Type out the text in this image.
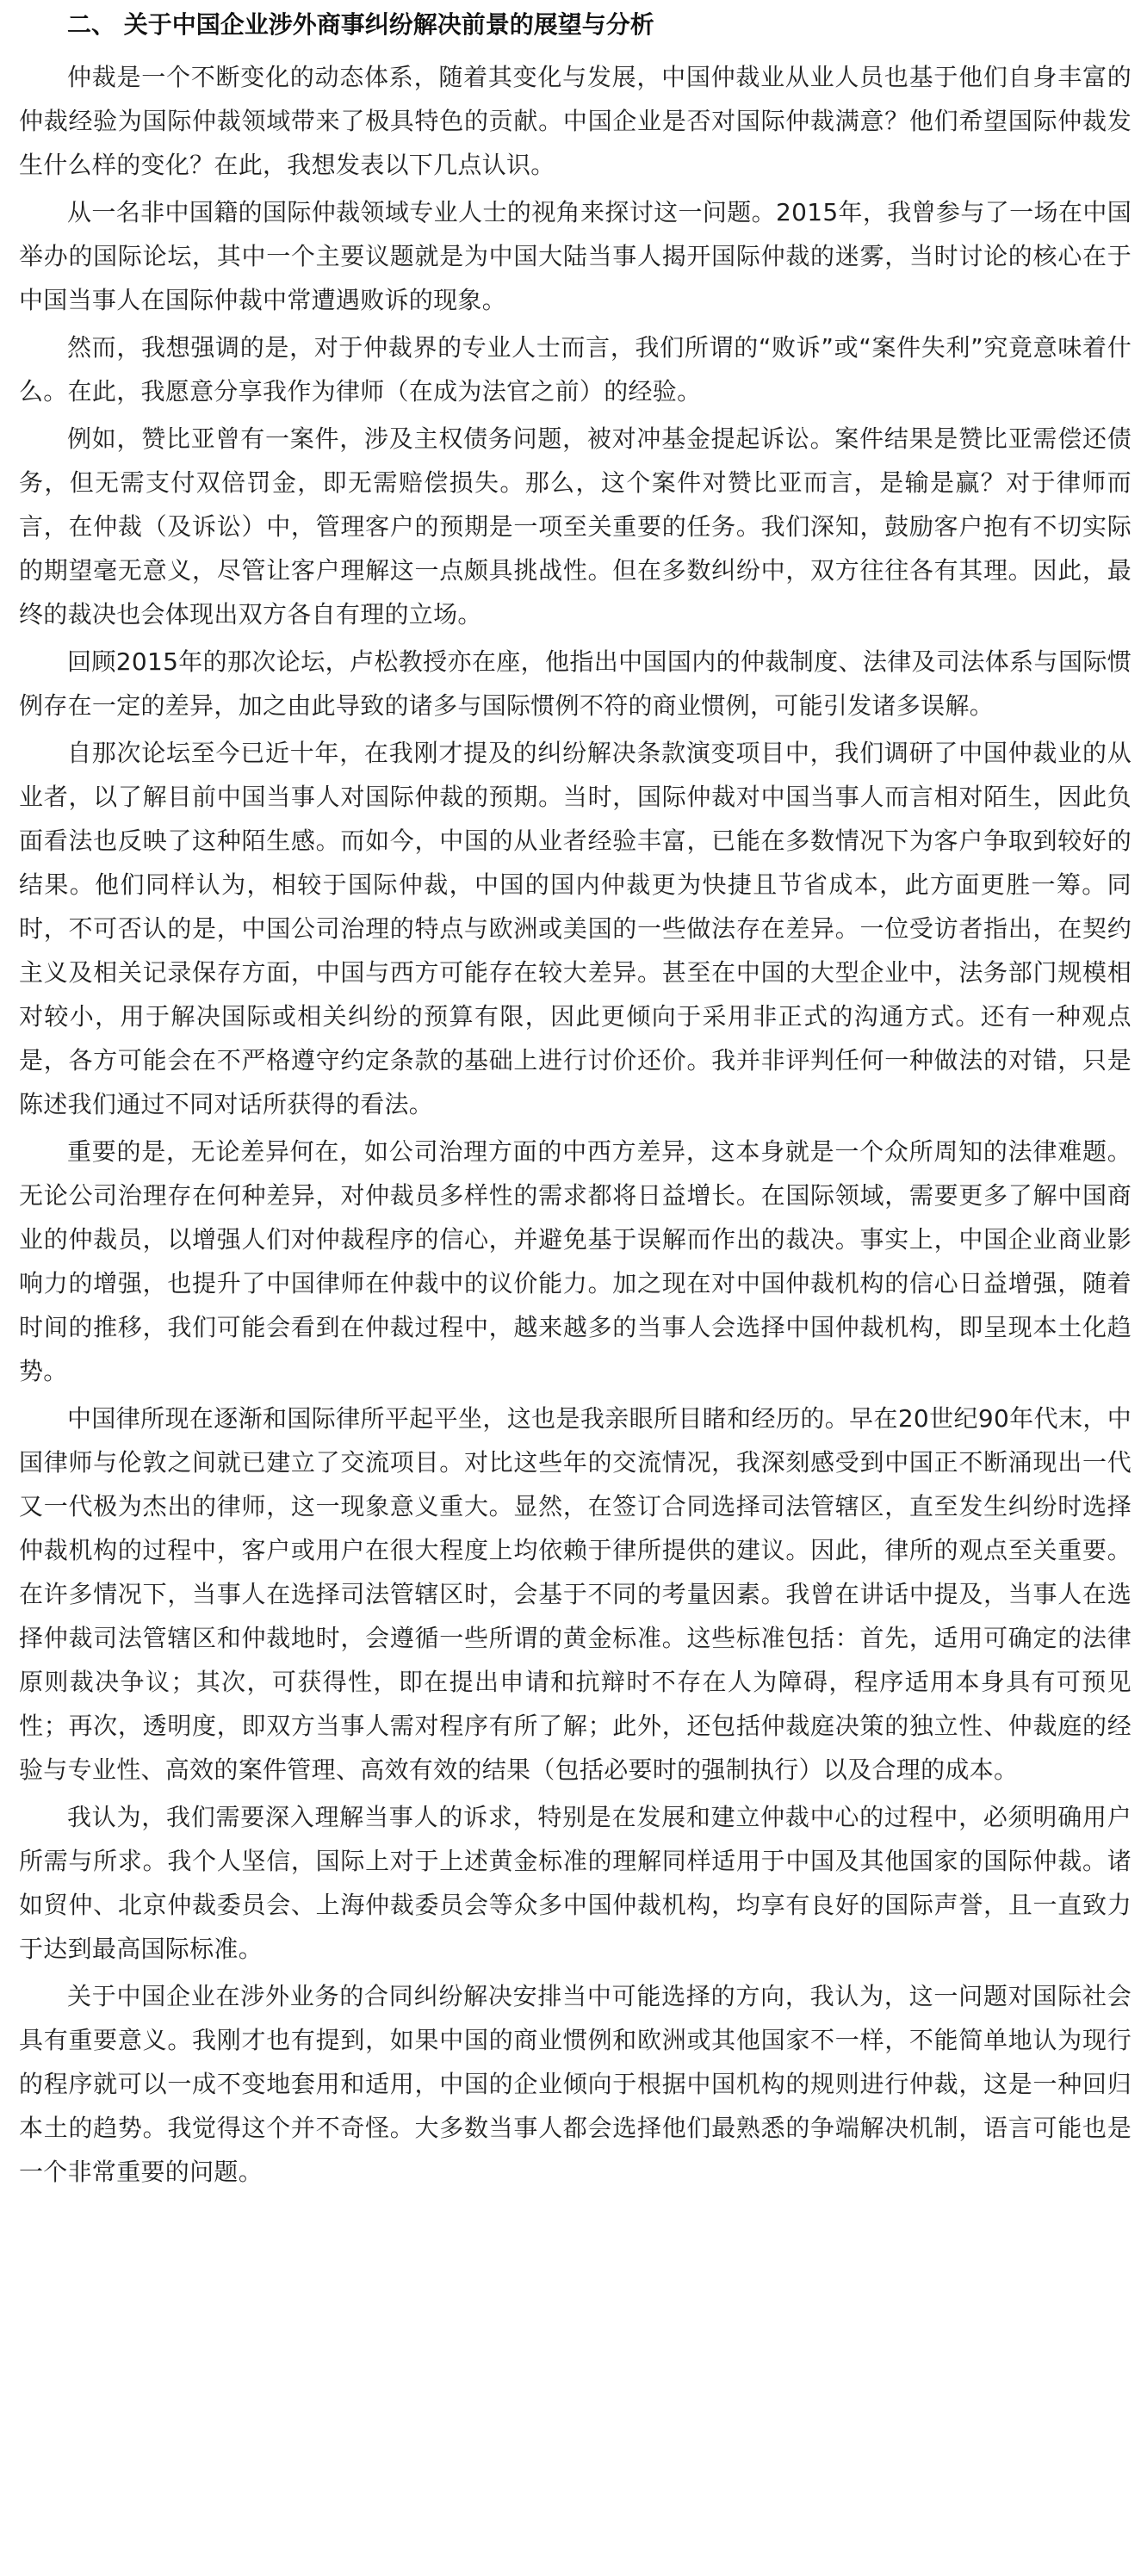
二、 关于中国企业涉外商事纠纷解决前景的展望与分析

仲裁是一个不断变化的动态体系，随着其变化与发展，中国仲裁业从业人员也基于他们自身丰富的仲裁经验为国际仲裁领域带来了极具特色的贡献。中国企业是否对国际仲裁满意？他们希望国际仲裁发生什么样的变化？在此，我想发表以下几点认识。

从一名非中国籍的国际仲裁领域专业人士的视角来探讨这一问题。2015年，我曾参与了一场在中国举办的国际论坛，其中一个主要议题就是为中国大陆当事人揭开国际仲裁的迷雾，当时讨论的核心在于中国当事人在国际仲裁中常遭遇败诉的现象。

然而，我想强调的是，对于仲裁界的专业人士而言，我们所谓的“败诉”或“案件失利”究竟意味着什么。在此，我愿意分享我作为律师（在成为法官之前）的经验。

例如，赞比亚曾有一案件，涉及主权债务问题，被对冲基金提起诉讼。案件结果是赞比亚需偿还债务，但无需支付双倍罚金，即无需赔偿损失。那么，这个案件对赞比亚而言，是输是赢？对于律师而言，在仲裁（及诉讼）中，管理客户的预期是一项至关重要的任务。我们深知，鼓励客户抱有不切实际的期望毫无意义，尽管让客户理解这一点颇具挑战性。但在多数纠纷中，双方往往各有其理。因此，最终的裁决也会体现出双方各自有理的立场。

回顾2015年的那次论坛，卢松教授亦在座，他指出中国国内的仲裁制度、法律及司法体系与国际惯例存在一定的差异，加之由此导致的诸多与国际惯例不符的商业惯例，可能引发诸多误解。

自那次论坛至今已近十年，在我刚才提及的纠纷解决条款演变项目中，我们调研了中国仲裁业的从业者，以了解目前中国当事人对国际仲裁的预期。当时，国际仲裁对中国当事人而言相对陌生，因此负面看法也反映了这种陌生感。而如今，中国的从业者经验丰富，已能在多数情况下为客户争取到较好的结果。他们同样认为，相较于国际仲裁，中国的国内仲裁更为快捷且节省成本，此方面更胜一筹。同时，不可否认的是，中国公司治理的特点与欧洲或美国的一些做法存在差异。一位受访者指出，在契约主义及相关记录保存方面，中国与西方可能存在较大差异。甚至在中国的大型企业中，法务部门规模相对较小，用于解决国际或相关纠纷的预算有限，因此更倾向于采用非正式的沟通方式。还有一种观点是，各方可能会在不严格遵守约定条款的基础上进行讨价还价。我并非评判任何一种做法的对错，只是陈述我们通过不同对话所获得的看法。

重要的是，无论差异何在，如公司治理方面的中西方差异，这本身就是一个众所周知的法律难题。无论公司治理存在何种差异，对仲裁员多样性的需求都将日益增长。在国际领域，需要更多了解中国商业的仲裁员，以增强人们对仲裁程序的信心，并避免基于误解而作出的裁决。事实上，中国企业商业影响力的增强，也提升了中国律师在仲裁中的议价能力。加之现在对中国仲裁机构的信心日益增强，随着时间的推移，我们可能会看到在仲裁过程中，越来越多的当事人会选择中国仲裁机构，即呈现本土化趋势。

中国律所现在逐渐和国际律所平起平坐，这也是我亲眼所目睹和经历的。早在20世纪90年代末，中国律师与伦敦之间就已建立了交流项目。对比这些年的交流情况，我深刻感受到中国正不断涌现出一代又一代极为杰出的律师，这一现象意义重大。显然，在签订合同选择司法管辖区，直至发生纠纷时选择仲裁机构的过程中，客户或用户在很大程度上均依赖于律所提供的建议。因此，律所的观点至关重要。在许多情况下，当事人在选择司法管辖区时，会基于不同的考量因素。我曾在讲话中提及，当事人在选择仲裁司法管辖区和仲裁地时，会遵循一些所谓的黄金标准。这些标准包括：首先，适用可确定的法律原则裁决争议；其次，可获得性，即在提出申请和抗辩时不存在人为障碍，程序适用本身具有可预见性；再次，透明度，即双方当事人需对程序有所了解；此外，还包括仲裁庭决策的独立性、仲裁庭的经验与专业性、高效的案件管理、高效有效的结果（包括必要时的强制执行）以及合理的成本。

我认为，我们需要深入理解当事人的诉求，特别是在发展和建立仲裁中心的过程中，必须明确用户所需与所求。我个人坚信，国际上对于上述黄金标准的理解同样适用于中国及其他国家的国际仲裁。诸如贸仲、北京仲裁委员会、上海仲裁委员会等众多中国仲裁机构，均享有良好的国际声誉，且一直致力于达到最高国际标准。

关于中国企业在涉外业务的合同纠纷解决安排当中可能选择的方向，我认为，这一问题对国际社会具有重要意义。我刚才也有提到，如果中国的商业惯例和欧洲或其他国家不一样，不能简单地认为现行的程序就可以一成不变地套用和适用，中国的企业倾向于根据中国机构的规则进行仲裁，这是一种回归本土的趋势。我觉得这个并不奇怪。大多数当事人都会选择他们最熟悉的争端解决机制，语言可能也是一个非常重要的问题。
